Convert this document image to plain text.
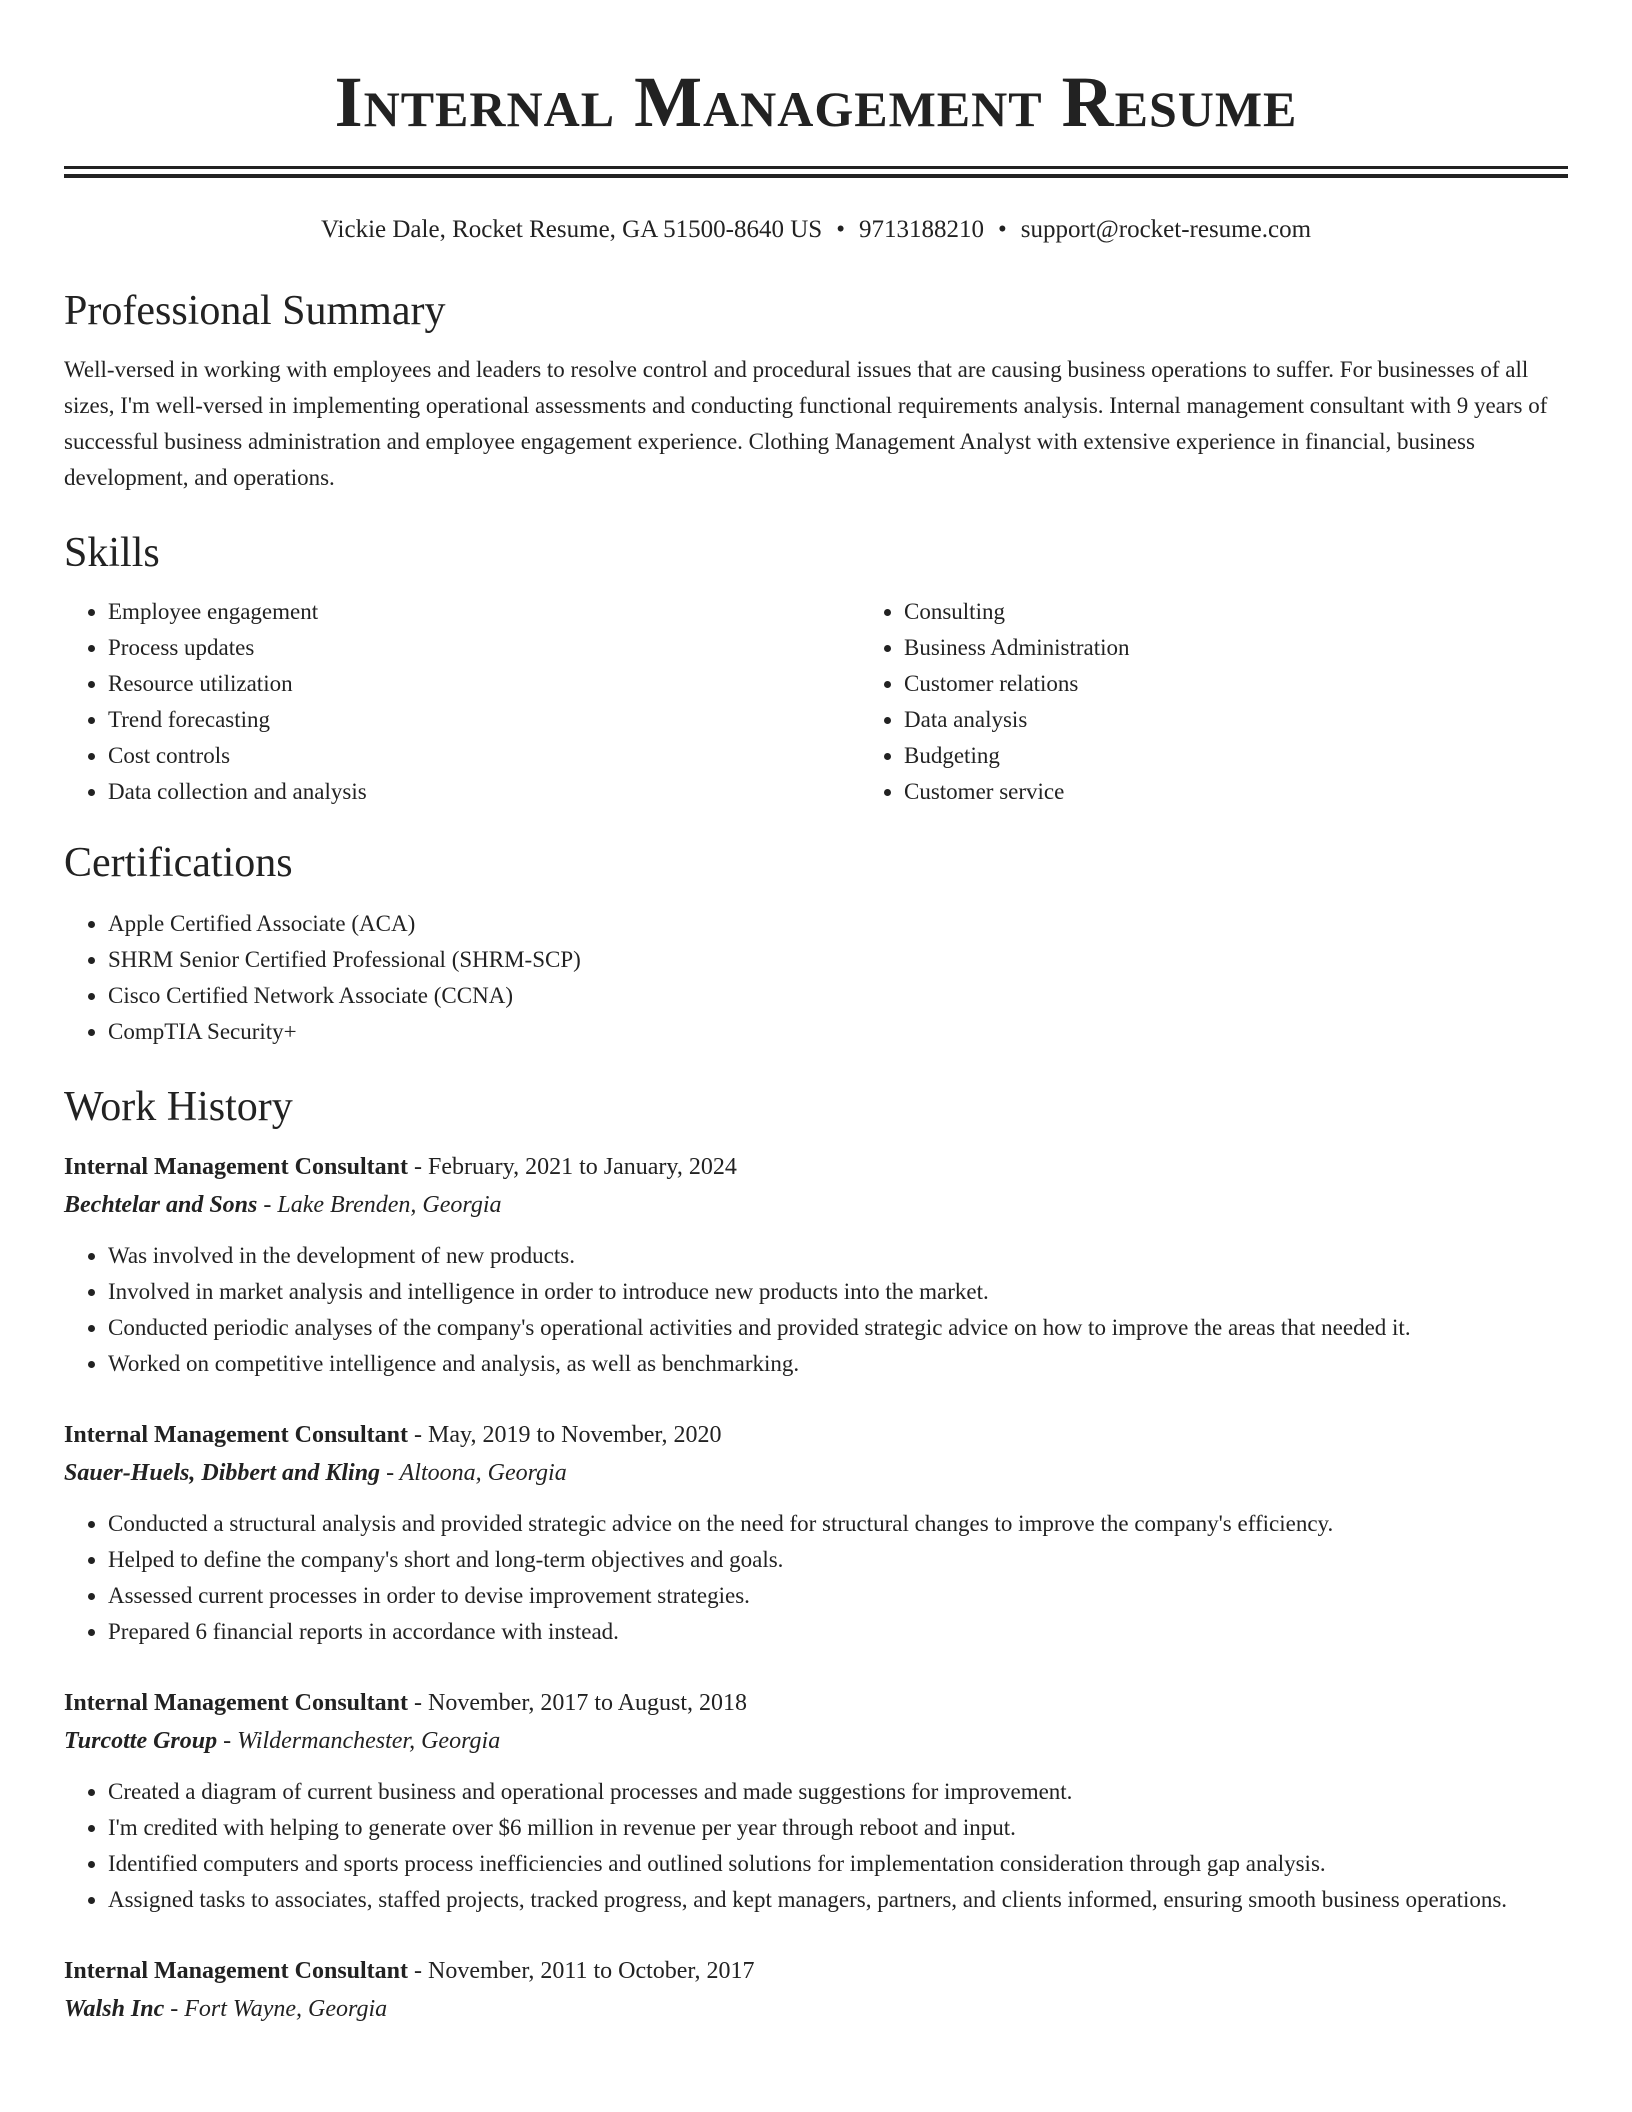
Internal Management Resume
Vickie Dale, Rocket Resume, GA 51500-8640 US • 9713188210 • support@rocket-resume.com
Professional Summary

Well-versed in working with employees and leaders to resolve control and procedural issues that are causing business operations to suffer. For businesses of all sizes, I'm well-versed in implementing operational assessments and conducting functional requirements analysis. Internal management consultant with 9 years of successful business administration and employee engagement experience. Clothing Management Analyst with extensive experience in financial, business development, and operations.

Skills
• Employee engagement
• Process updates
• Resource utilization
• Trend forecasting
• Cost controls
• Data collection and analysis
• Consulting
• Business Administration
• Customer relations
• Data analysis
• Budgeting
• Customer service
Certifications
• Apple Certified Associate (ACA)
• SHRM Senior Certified Professional (SHRM-SCP)
• Cisco Certified Network Associate (CCNA)
• CompTIA Security+
Work History
Internal Management Consultant - February, 2021 to January, 2024
Bechtelar and Sons - Lake Brenden, Georgia
• Was involved in the development of new products.
• Involved in market analysis and intelligence in order to introduce new products into the market.
• Conducted periodic analyses of the company's operational activities and provided strategic advice on how to improve the areas that needed it.
• Worked on competitive intelligence and analysis, as well as benchmarking.
Internal Management Consultant - May, 2019 to November, 2020
Sauer-Huels, Dibbert and Kling - Altoona, Georgia
• Conducted a structural analysis and provided strategic advice on the need for structural changes to improve the company's efficiency.
• Helped to define the company's short and long-term objectives and goals.
• Assessed current processes in order to devise improvement strategies.
• Prepared 6 financial reports in accordance with instead.
Internal Management Consultant - November, 2017 to August, 2018
Turcotte Group - Wildermanchester, Georgia
• Created a diagram of current business and operational processes and made suggestions for improvement.
• I'm credited with helping to generate over $6 million in revenue per year through reboot and input.
• Identified computers and sports process inefficiencies and outlined solutions for implementation consideration through gap analysis.
• Assigned tasks to associates, staffed projects, tracked progress, and kept managers, partners, and clients informed, ensuring smooth business operations.
Internal Management Consultant - November, 2011 to October, 2017
Walsh Inc - Fort Wayne, Georgia
